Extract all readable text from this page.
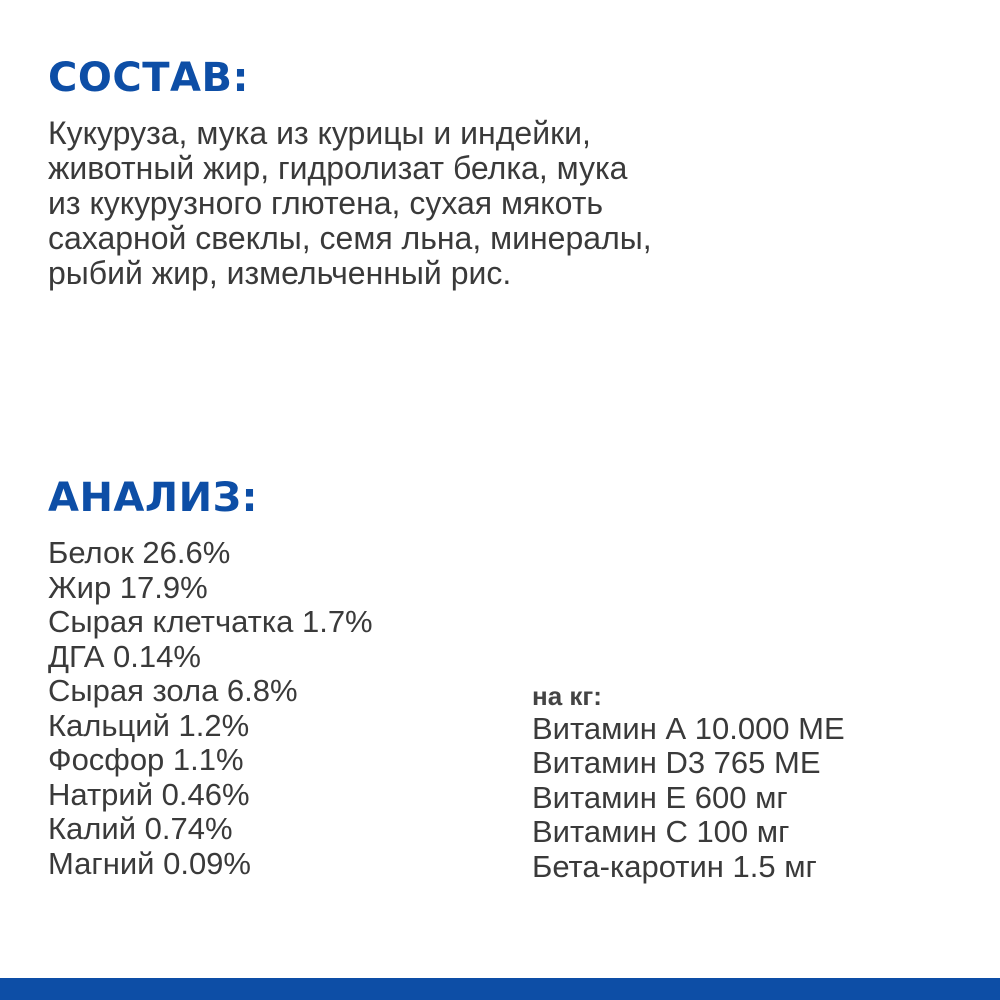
СОСТАВ:
Кукуруза, мука из курицы и индейки,
животный жир, гидролизат белка, мука
из кукурузного глютена, сухая мякоть
сахарной свеклы, семя льна, минералы,
рыбий жир, измельченный рис.
АНАЛИЗ:
Белок 26.6%
Жир 17.9%
Сырая клетчатка 1.7%
ДГА 0.14%
Сырая зола 6.8%
Кальций 1.2%
Фосфор 1.1%
Натрий 0.46%
Калий 0.74%
Магний 0.09%
на кг:
Витамин А 10.000 МЕ
Витамин D3 765 МЕ
Витамин Е 600 мг
Витамин С 100 мг
Бета-каротин 1.5 мг
